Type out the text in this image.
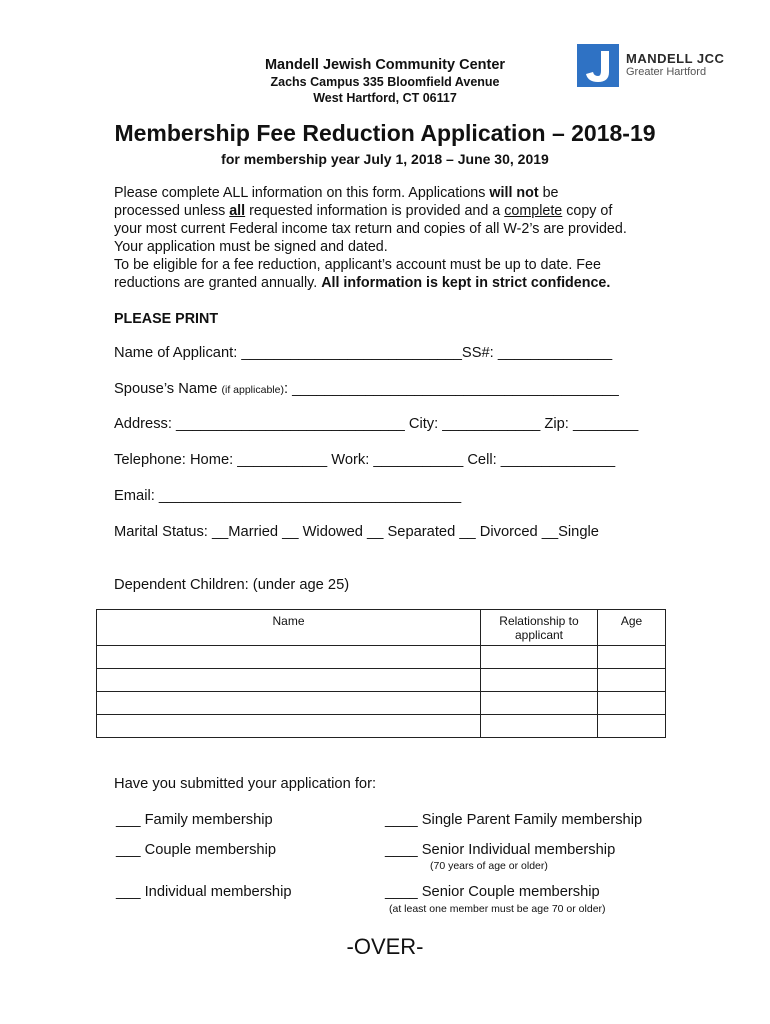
Mandell Jewish Community Center
Zachs Campus 335 Bloomfield Avenue
West Hartford, CT 06117
MANDELL JCC
Greater Hartford
Membership Fee Reduction Application – 2018-19
for membership year July 1, 2018 – June 30, 2019
Please complete ALL information on this form. Applications will not be
processed unless all requested information is provided and a complete copy of
your most current Federal income tax return and copies of all W-2’s are provided.
Your application must be signed and dated.
To be eligible for a fee reduction, applicant’s account must be up to date. Fee
reductions are granted annually. All information is kept in strict confidence.
PLEASE PRINT
Name of Applicant: ___________________________SS#: ______________
Spouse’s Name (if applicable): ________________________________________
Address: ____________________________ City: ____________ Zip: ________
Telephone: Home: ___________ Work: ___________ Cell: ______________
Email: _____________________________________
Marital Status: __Married __ Widowed __ Separated __ Divorced __Single
Dependent Children: (under age 25)
Name	Relationship to applicant	Age

Have you submitted your application for:
___ Family membership	____ Single Parent Family membership
___ Couple membership	____ Senior Individual membership
(70 years of age or older)
___ Individual membership	____ Senior Couple membership
(at least one member must be age 70 or older)
-OVER-
